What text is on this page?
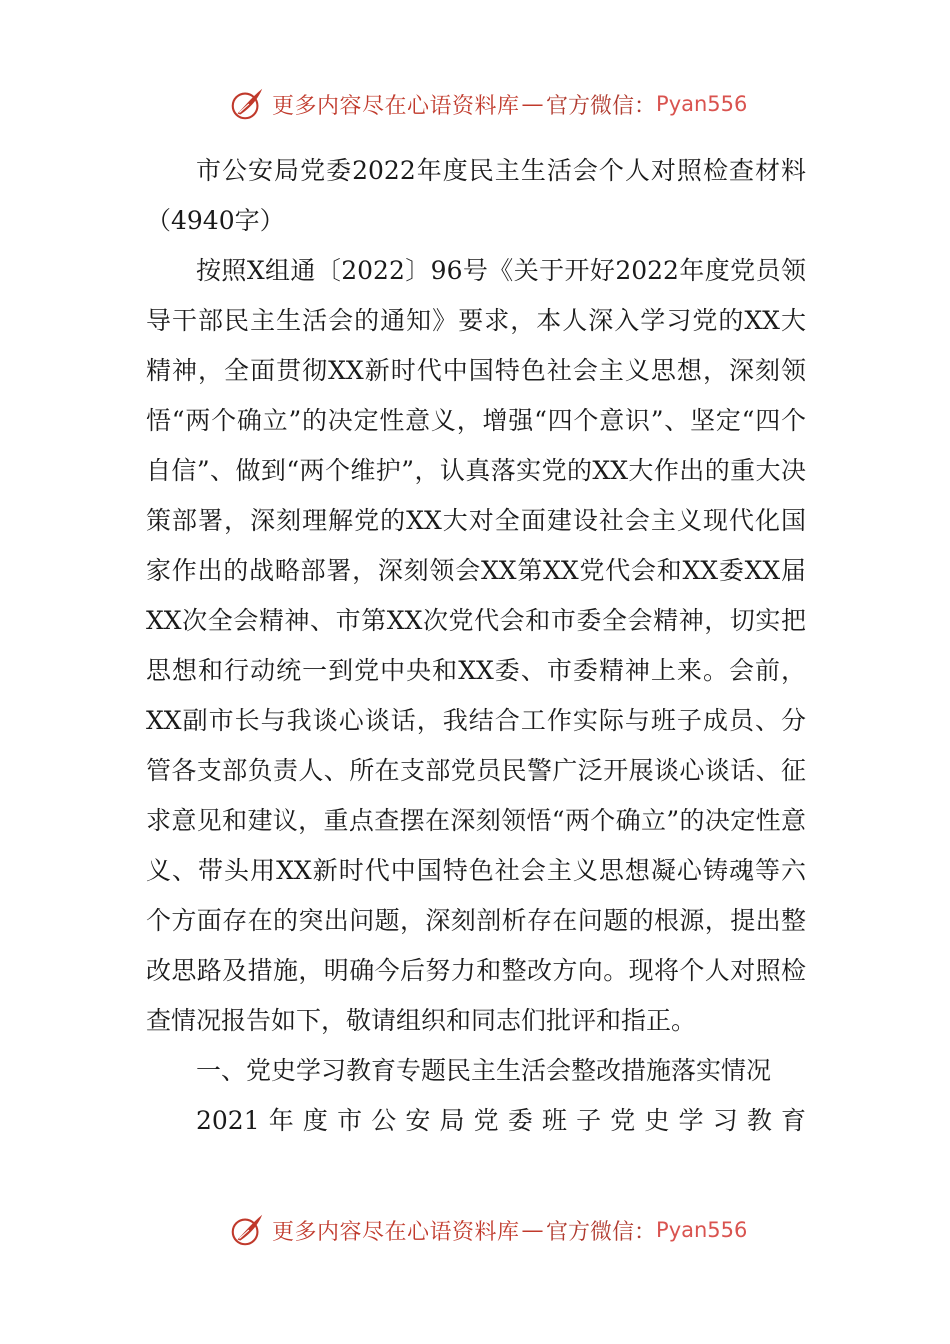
更多内容尽在心语资料库 — 官方微信： Pyan556

市公安局党委2022年度民主生活会个人对照检查材料（4940字）

按照X组通〔2022〕96号《关于开好2022年度党员领导干部民主生活会的通知》要求，本人深入学习党的XX大精神，全面贯彻XX新时代中国特色社会主义思想，深刻领悟“两个确立”的决定性意义，增强“四个意识”、坚定“四个自信”、做到“两个维护”，认真落实党的XX大作出的重大决策部署，深刻理解党的XX大对全面建设社会主义现代化国家作出的战略部署，深刻领会XX第XX党代会和XX委XX届XX次全会精神、市第XX次党代会和市委全会精神，切实把思想和行动统一到党中央和XX委、市委精神上来。会前，XX副市长与我谈心谈话，我结合工作实际与班子成员、分管各支部负责人、所在支部党员民警广泛开展谈心谈话、征求意见和建议，重点查摆在深刻领悟“两个确立”的决定性意义、带头用XX新时代中国特色社会主义思想凝心铸魂等六个方面存在的突出问题，深刻剖析存在问题的根源，提出整改思路及措施，明确今后努力和整改方向。现将个人对照检查情况报告如下，敬请组织和同志们批评和指正。

一、党史学习教育专题民主生活会整改措施落实情况

2021年度市公安局党委班子党史学习教育

更多内容尽在心语资料库 — 官方微信： Pyan556
